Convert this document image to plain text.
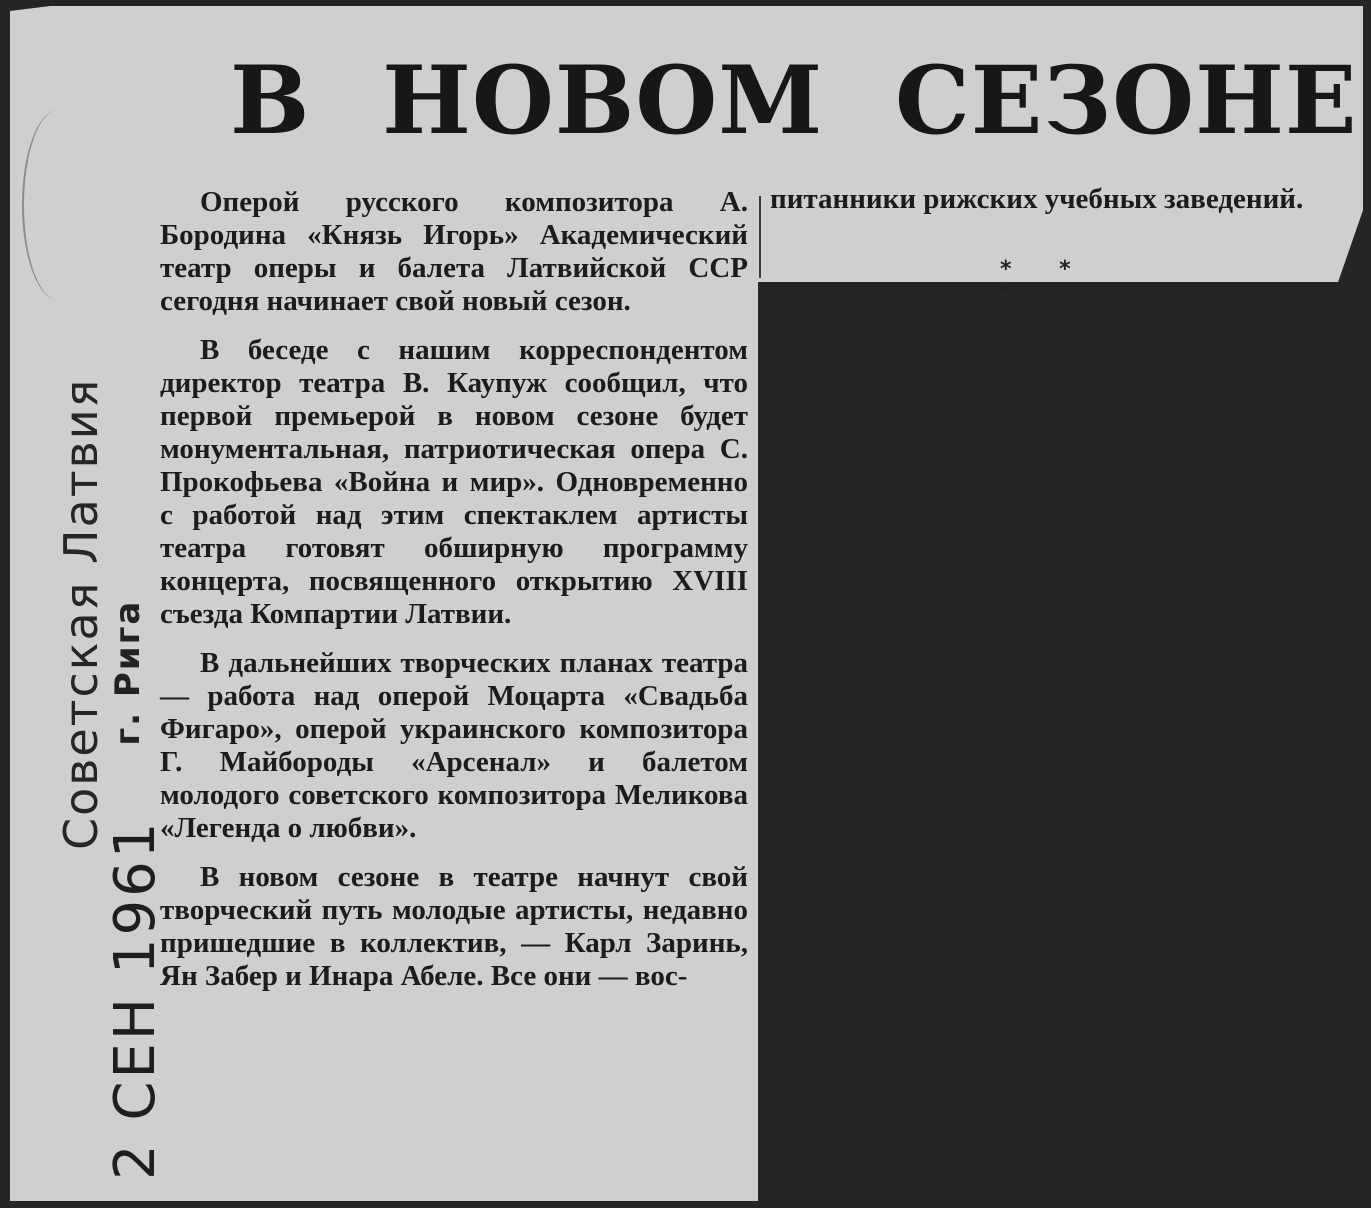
В НОВОМ СЕЗОНЕ

Оперой русского композитора А. Бородина «Князь Игорь» Академический театр оперы и балета Латвийской ССР сегодня начинает свой новый сезон.

В беседе с нашим корреспондентом директор театра В. Каупуж сообщил, что первой премьерой в новом сезоне будет монументальная, патриотическая опера С. Прокофьева «Война и мир». Одновременно с работой над этим спектаклем артисты театра готовят обширную программу концерта, посвященного открытию XVIII съезда Компартии Латвии.

В дальнейших творческих планах театра — работа над оперой Моцарта «Свадьба Фигаро», оперой украинского композитора Г. Майбороды «Арсенал» и балетом молодого советского композитора Меликова «Легенда о любви».

В новом сезоне в театре начнут свой творческий путь молодые артисты, недавно пришедшие в коллектив, — Карл Заринь, Ян Забер и Инара Абеле. Все они — вос-

питанники рижских учебных заведений.

* * *
Советская Латвия
2 СЕН 1961 г. Рига
